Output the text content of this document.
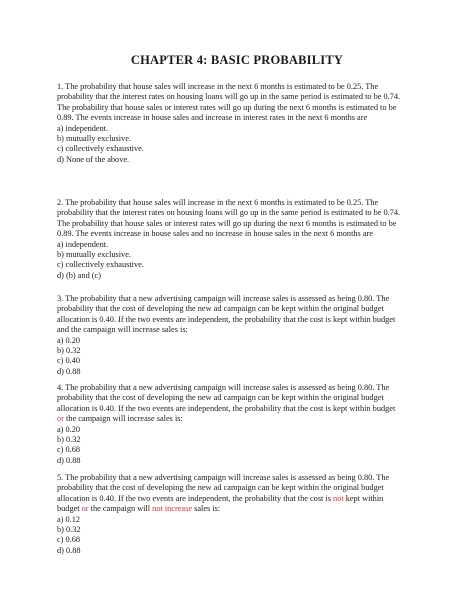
CHAPTER 4: BASIC PROBABILITY
1. The probability that house sales will increase in the next 6 months is estimated to be 0.25. The probability that the interest rates on housing loans will go up in the same period is estimated to be 0.74. The probability that house sales or interest rates will go up during the next 6 months is estimated to be 0.89. The events increase in house sales and increase in interest rates in the next 6 months are
a) independent.
b) mutually exclusive.
c) collectively exhaustive.
d) None of the above.
2. The probability that house sales will increase in the next 6 months is estimated to be 0.25. The probability that the interest rates on housing loans will go up in the same period is estimated to be 0.74. The probability that house sales or interest rates will go up during the next 6 months is estimated to be 0.89. The events increase in house sales and no increase in house sales in the next 6 months are
a) independent.
b) mutually exclusive.
c) collectively exhaustive.
d) (b) and (c)
3. The probability that a new advertising campaign will increase sales is assessed as being 0.80. The probability that the cost of developing the new ad campaign can be kept within the original budget allocation is 0.40. If the two events are independent, the probability that the cost is kept within budget and the campaign will increase sales is:
a) 0.20
b) 0.32
c) 0.40
d) 0.88
4. The probability that a new advertising campaign will increase sales is assessed as being 0.80. The probability that the cost of developing the new ad campaign can be kept within the original budget allocation is 0.40. If the two events are independent, the probability that the cost is kept within budget or the campaign will increase sales is:
a) 0.20
b) 0.32
c) 0.68
d) 0.88
5. The probability that a new advertising campaign will increase sales is assessed as being 0.80. The probability that the cost of developing the new ad campaign can be kept within the original budget allocation is 0.40. If the two events are independent, the probability that the cost is not kept within budget or the campaign will not increase sales is:
a) 0.12
b) 0.32
c) 0.68
d) 0.88
